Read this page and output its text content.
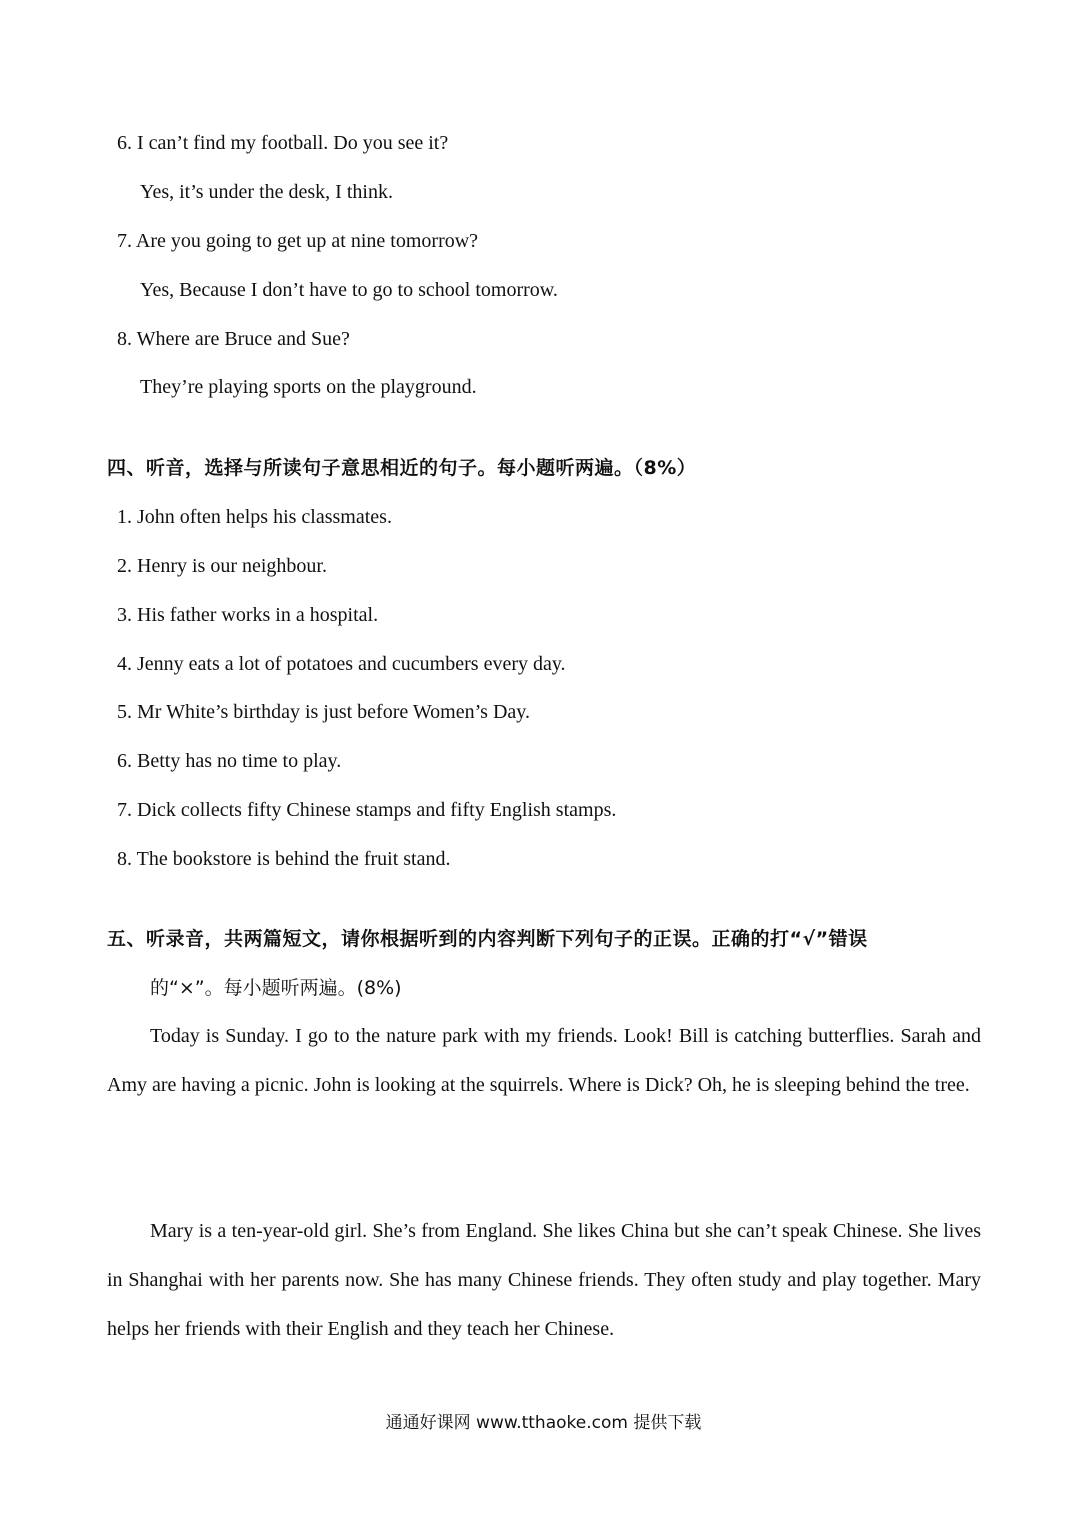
6. I can’t find my football. Do you see it?
Yes, it’s under the desk, I think.
7. Are you going to get up at nine tomorrow?
Yes, Because I don’t have to go to school tomorrow.
8. Where are Bruce and Sue?
They’re playing sports on the playground.
四、听音，选择与所读句子意思相近的句子。每小题听两遍。（8%）
1. John often helps his classmates.
2. Henry is our neighbour.
3. His father works in a hospital.
4. Jenny eats a lot of potatoes and cucumbers every day.
5. Mr White’s birthday is just before Women’s Day.
6. Betty has no time to play.
7. Dick collects fifty Chinese stamps and fifty English stamps.
8. The bookstore is behind the fruit stand.
五、听录音，共两篇短文，请你根据听到的内容判断下列句子的正误。正确的打“√”错误
的“×”。每小题听两遍。(8%)
Today is Sunday. I go to the nature park with my friends. Look! Bill is catching butterflies. Sarah and Amy are having a picnic. John is looking at the squirrels. Where is Dick? Oh, he is sleeping behind the tree.
Mary is a ten-year-old girl. She’s from England. She likes China but she can’t speak Chinese. She lives in Shanghai with her parents now. She has many Chinese friends. They often study and play together. Mary helps her friends with their English and they teach her Chinese.
通通好课网 www.tthaoke.com 提供下载
